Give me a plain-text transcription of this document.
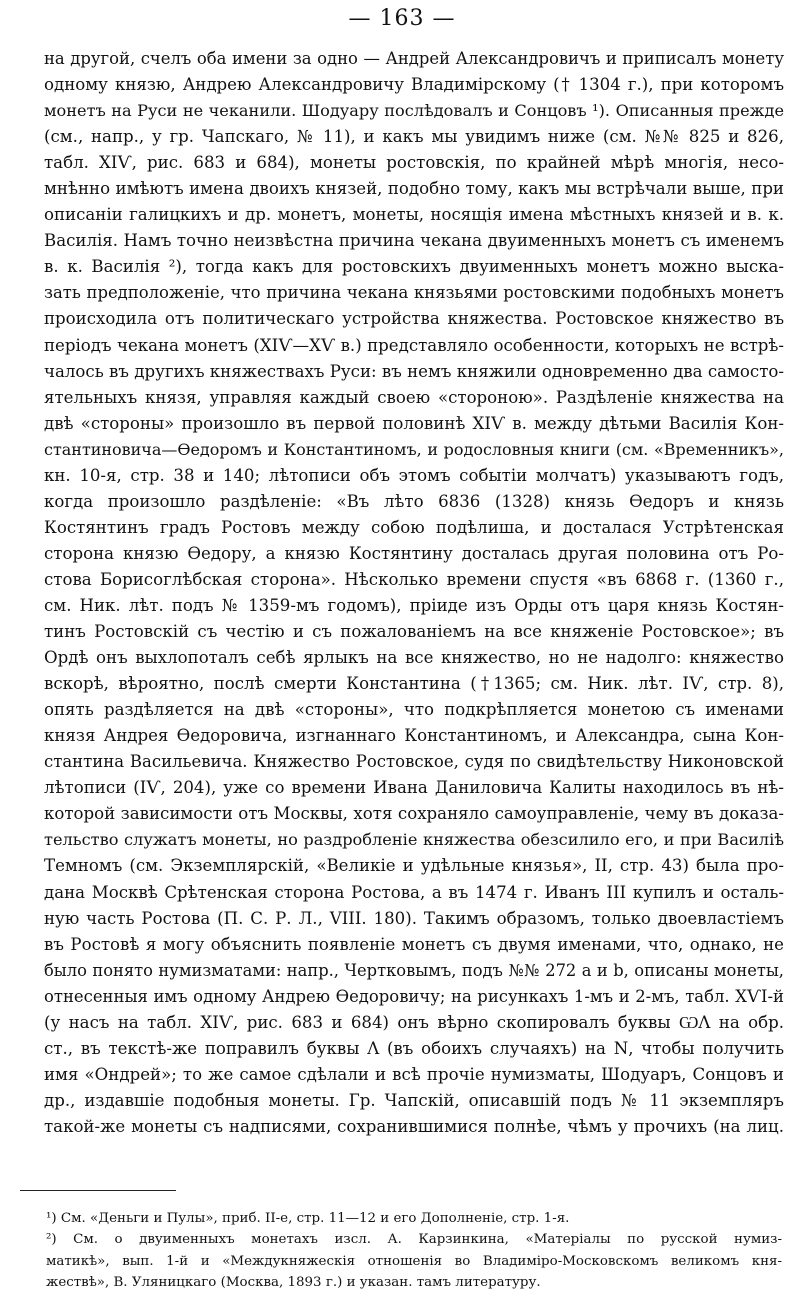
— 163 —
на другой, счелъ оба имени за одно — Андрей Александровичъ и приписалъ монету
одному князю, Андрею Александровичу Владимірскому († 1304 г.), при которомъ
монетъ на Руси не чеканили. Шодуару послѣдовалъ и Сонцовъ ¹). Описанныя прежде
(см., напр., у гр. Чапскаго, № 11), и какъ мы увидимъ ниже (см. №№ 825 и 826,
табл. XIѴ, рис. 683 и 684), монеты ростовскія, по крайней мѣрѣ многія, несо-
мнѣнно имѣютъ имена двоихъ князей, подобно тому, какъ мы встрѣчали выше, при
описаніи галицкихъ и др. монетъ, монеты, носящія имена мѣстныхъ князей и в. к.
Василія. Намъ точно неизвѣстна причина чекана двуименныхъ монетъ съ именемъ
в. к. Василія ²), тогда какъ для ростовскихъ двуименныхъ монетъ можно выска-
зать предположеніе, что причина чекана князьями ростовскими подобныхъ монетъ
происходила отъ политическаго устройства княжества. Ростовское княжество въ
періодъ чекана монетъ (XIѴ—XѴ в.) представляло особенности, которыхъ не встрѣ-
чалось въ другихъ княжествахъ Руси: въ немъ княжили одновременно два самосто-
ятельныхъ князя, управляя каждый своею «стороною». Раздѣленіе княжества на
двѣ «стороны» произошло въ первой половинѣ XIѴ в. между дѣтьми Василія Кон-
стантиновича—Ѳедоромъ и Константиномъ, и родословныя книги (см. «Временникъ»,
кн. 10-я, стр. 38 и 140; лѣтописи объ этомъ событіи молчатъ) указываютъ годъ,
когда произошло раздѣленіе: «Въ лѣто 6836 (1328) князь Ѳедоръ и князь
Костянтинъ градъ Ростовъ между собою подѣлиша, и досталася Устрѣтенская
сторона князю Ѳедору, а князю Костянтину досталась другая половина отъ Ро-
стова Борисоглѣбская сторона». Нѣсколько времени спустя «въ 6868 г. (1360 г.,
см. Ник. лѣт. подъ № 1359-мъ годомъ), пріиде изъ Орды отъ царя князь Костян-
тинъ Ростовскій съ честію и съ пожалованіемъ на все княженіе Ростовское»; въ
Ордѣ онъ выхлопоталъ себѣ ярлыкъ на все княжество, но не надолго: княжество
вскорѣ, вѣроятно, послѣ смерти Константина (†1365; см. Ник. лѣт. IѴ, стр. 8),
опять раздѣляется на двѣ «стороны», что подкрѣпляется монетою съ именами
князя Андрея Ѳедоровича, изгнаннаго Константиномъ, и Александра, сына Кон-
стантина Васильевича. Княжество Ростовское, судя по свидѣтельству Никоновской
лѣтописи (IѴ, 204), уже со времени Ивана Даниловича Калиты находилось въ нѣ-
которой зависимости отъ Москвы, хотя сохраняло самоуправленіе, чему въ доказа-
тельство служатъ монеты, но раздробленіе княжества обезсилило его, и при Василіѣ
Темномъ (см. Экземплярскій, «Великіе и удѣльные князья», II, стр. 43) была про-
дана Москвѣ Срѣтенская сторона Ростова, а въ 1474 г. Иванъ III купилъ и осталь-
ную часть Ростова (П. С. Р. Л., VIII. 180). Такимъ образомъ, только двоевластіемъ
въ Ростовѣ я могу объяснить появленіе монетъ съ двумя именами, что, однако, не
было понято нумизматами: напр., Чертковымъ, подъ №№ 272 а и b, описаны монеты,
отнесенныя имъ одному Андрею Ѳедоровичу; на рисункахъ 1-мъ и 2-мъ, табл. XѴI-й
(у насъ на табл. XIѴ, рис. 683 и 684) онъ вѣрно скопировалъ буквы ѠΛ на обр.
ст., въ текстѣ-же поправилъ буквы Λ (въ обоихъ случаяхъ) на Ν, чтобы получить
имя «Ондрей»; то же самое сдѣлали и всѣ прочіе нумизматы, Шодуаръ, Сонцовъ и
др., издавшіе подобныя монеты. Гр. Чапскій, описавшій подъ № 11 экземпляръ
такой-же монеты съ надписями, сохранившимися полнѣе, чѣмъ у прочихъ (на лиц.
¹) См. «Деньги и Пулы», приб. II-е, стр. 11—12 и его Дополненіе, стр. 1-я.
²) См. о двуименныхъ монетахъ изсл. А. Карзинкина, «Матеріалы по русской нумиз-
матикѣ», вып. 1-й и «Междукняжескія отношенія во Владиміро-Московскомъ великомъ кня-
жествѣ», В. Уляницкаго (Москва, 1893 г.) и указан. тамъ литературу.
